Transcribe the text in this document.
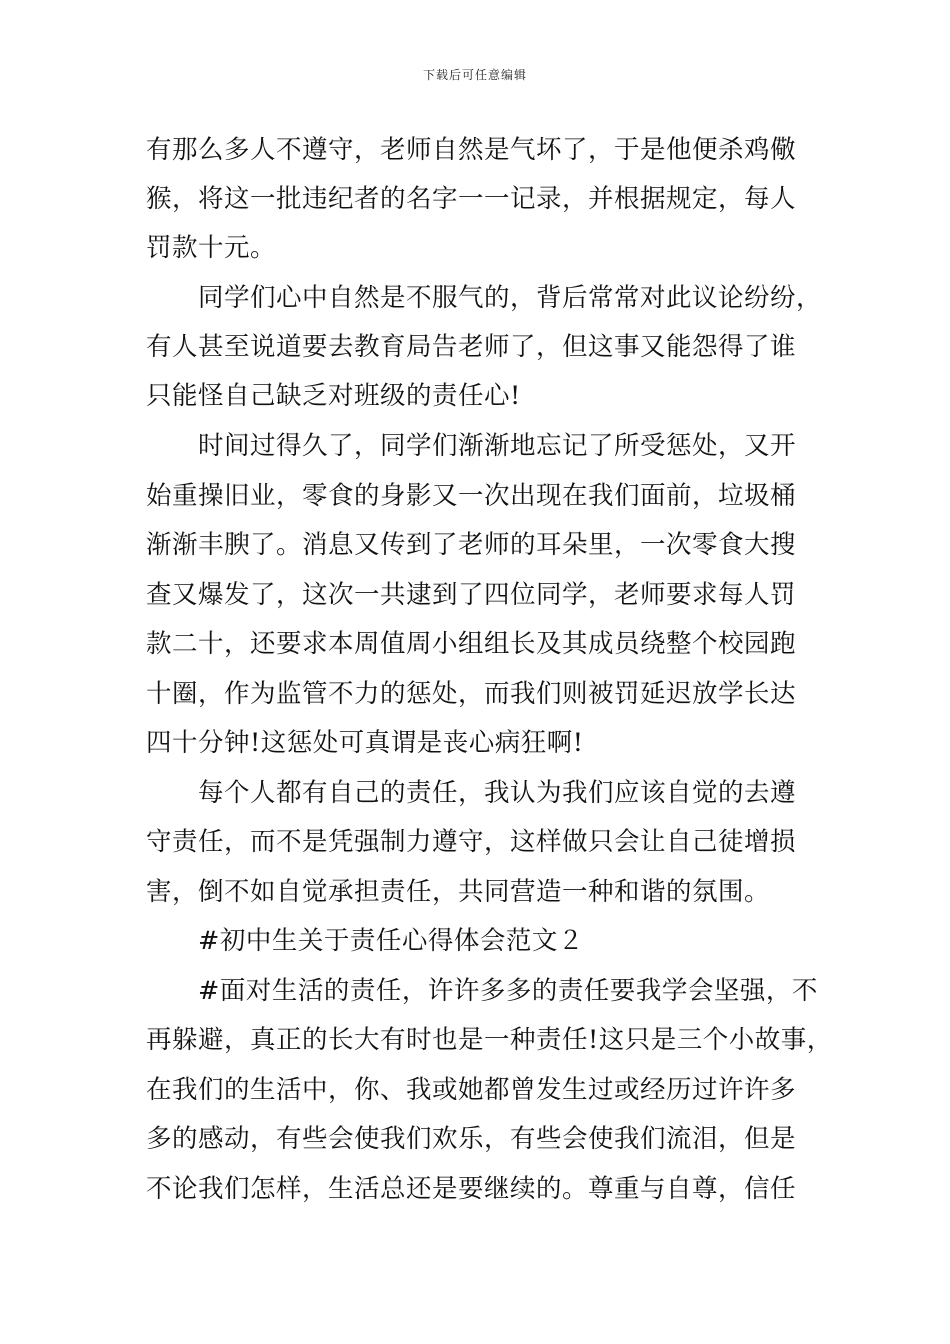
下载后可任意编辑
有那么多人不遵守，老师自然是气坏了，于是他便杀鸡儆
猴，将这一批违纪者的名字一一记录，并根据规定，每人
罚款十元。
同学们心中自然是不服气的，背后常常对此议论纷纷，
有人甚至说道要去教育局告老师了，但这事又能怨得了谁
只能怪自己缺乏对班级的责任心!
时间过得久了，同学们渐渐地忘记了所受惩处，又开
始重操旧业，零食的身影又一次出现在我们面前，垃圾桶
渐渐丰腴了。消息又传到了老师的耳朵里，一次零食大搜
查又爆发了，这次一共逮到了四位同学，老师要求每人罚
款二十，还要求本周值周小组组长及其成员绕整个校园跑
十圈，作为监管不力的惩处，而我们则被罚延迟放学长达
四十分钟!这惩处可真谓是丧心病狂啊!
每个人都有自己的责任，我认为我们应该自觉的去遵
守责任，而不是凭强制力遵守，这样做只会让自己徒增损
害，倒不如自觉承担责任，共同营造一种和谐的氛围。
#初中生关于责任心得体会范文２
#面对生活的责任，许许多多的责任要我学会坚强，不
再躲避，真正的长大有时也是一种责任!这只是三个小故事，
在我们的生活中，你、我或她都曾发生过或经历过许许多
多的感动，有些会使我们欢乐，有些会使我们流泪，但是
不论我们怎样，生活总还是要继续的。尊重与自尊，信任
